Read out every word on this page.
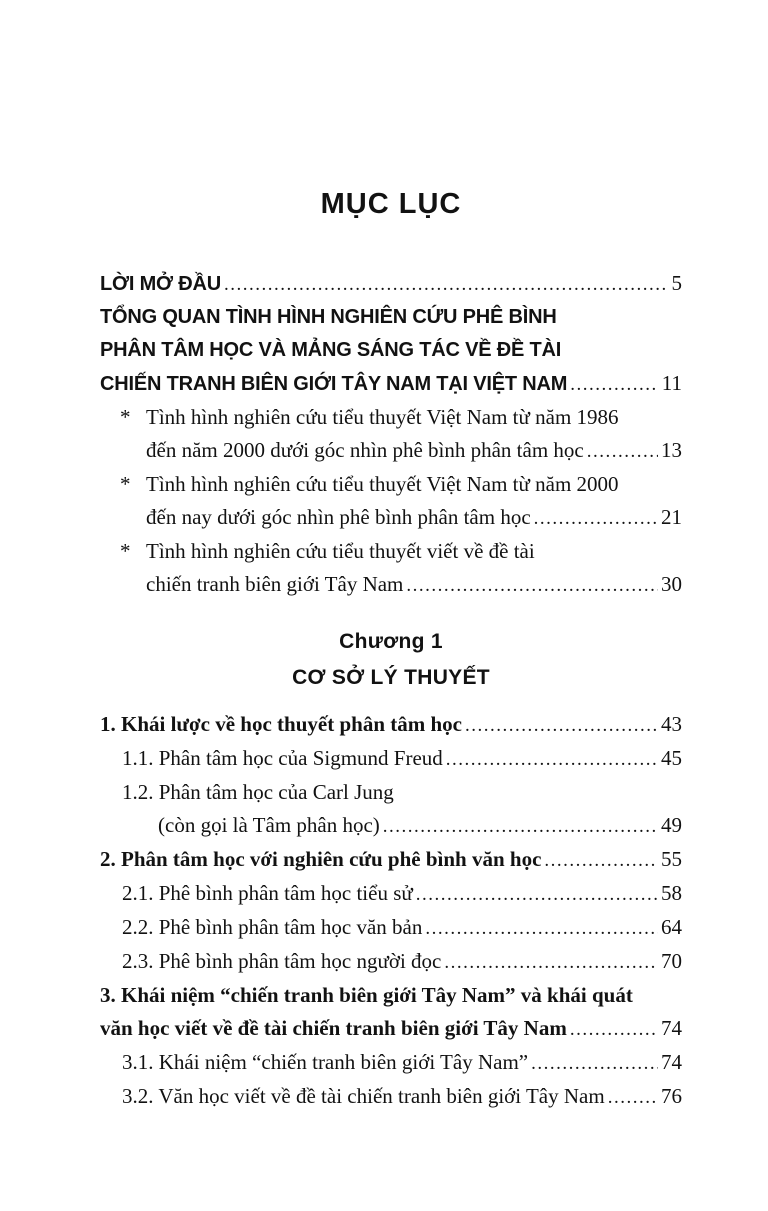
MỤC LỤC
LỜI MỞ ĐẦU .....	5
TỔNG QUAN TÌNH HÌNH NGHIÊN CỨU PHÊ BÌNH
PHÂN TÂM HỌC VÀ MẢNG SÁNG TÁC VỀ ĐỀ TÀI
CHIẾN TRANH BIÊN GIỚI TÂY NAM TẠI VIỆT NAM .....	11
* Tình hình nghiên cứu tiểu thuyết Việt Nam từ năm 1986
đến năm 2000 dưới góc nhìn phê bình phân tâm học .....	13
* Tình hình nghiên cứu tiểu thuyết Việt Nam từ năm 2000
đến nay dưới góc nhìn phê bình phân tâm học .....	21
* Tình hình nghiên cứu tiểu thuyết viết về đề tài
chiến tranh biên giới Tây Nam .....	30
Chương 1
CƠ SỞ LÝ THUYẾT
1. Khái lược về học thuyết phân tâm học .....	43
1.1. Phân tâm học của Sigmund Freud .....	45
1.2. Phân tâm học của Carl Jung
(còn gọi là Tâm phân học) .....	49
2. Phân tâm học với nghiên cứu phê bình văn học .....	55
2.1. Phê bình phân tâm học tiểu sử .....	58
2.2. Phê bình phân tâm học văn bản .....	64
2.3. Phê bình phân tâm học người đọc .....	70
3. Khái niệm “chiến tranh biên giới Tây Nam” và khái quát
văn học viết về đề tài chiến tranh biên giới Tây Nam .....	74
3.1. Khái niệm “chiến tranh biên giới Tây Nam” .....	74
3.2. Văn học viết về đề tài chiến tranh biên giới Tây Nam .....	76
